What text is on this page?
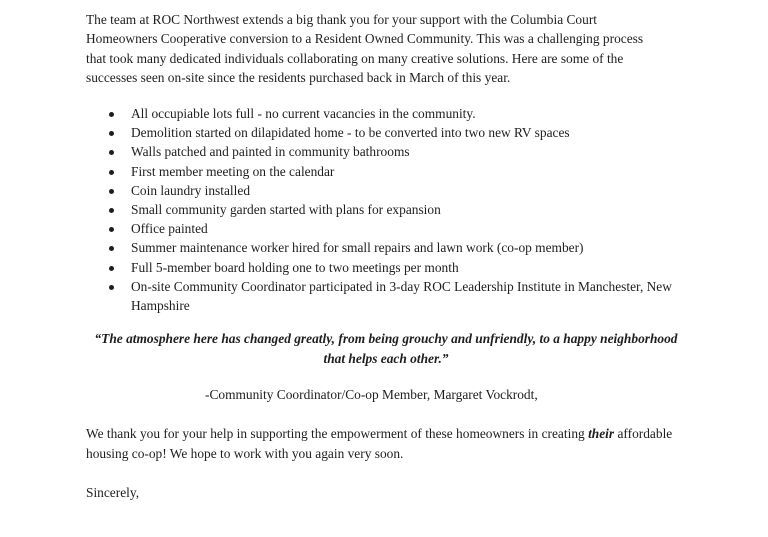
The team at ROC Northwest extends a big thank you for your support with the Columbia Court Homeowners Cooperative conversion to a Resident Owned Community. This was a challenging process that took many dedicated individuals collaborating on many creative solutions. Here are some of the successes seen on-site since the residents purchased back in March of this year.

All occupiable lots full - no current vacancies in the community.
Demolition started on dilapidated home - to be converted into two new RV spaces
Walls patched and painted in community bathrooms
First member meeting on the calendar
Coin laundry installed
Small community garden started with plans for expansion
Office painted
Summer maintenance worker hired for small repairs and lawn work (co-op member)
Full 5-member board holding one to two meetings per month
On-site Community Coordinator participated in 3-day ROC Leadership Institute in Manchester, New Hampshire

“The atmosphere here has changed greatly, from being grouchy and unfriendly, to a happy neighborhood that helps each other.”

-Community Coordinator/Co-op Member, Margaret Vockrodt,

We thank you for your help in supporting the empowerment of these homeowners in creating their affordable housing co-op! We hope to work with you again very soon.

Sincerely,
